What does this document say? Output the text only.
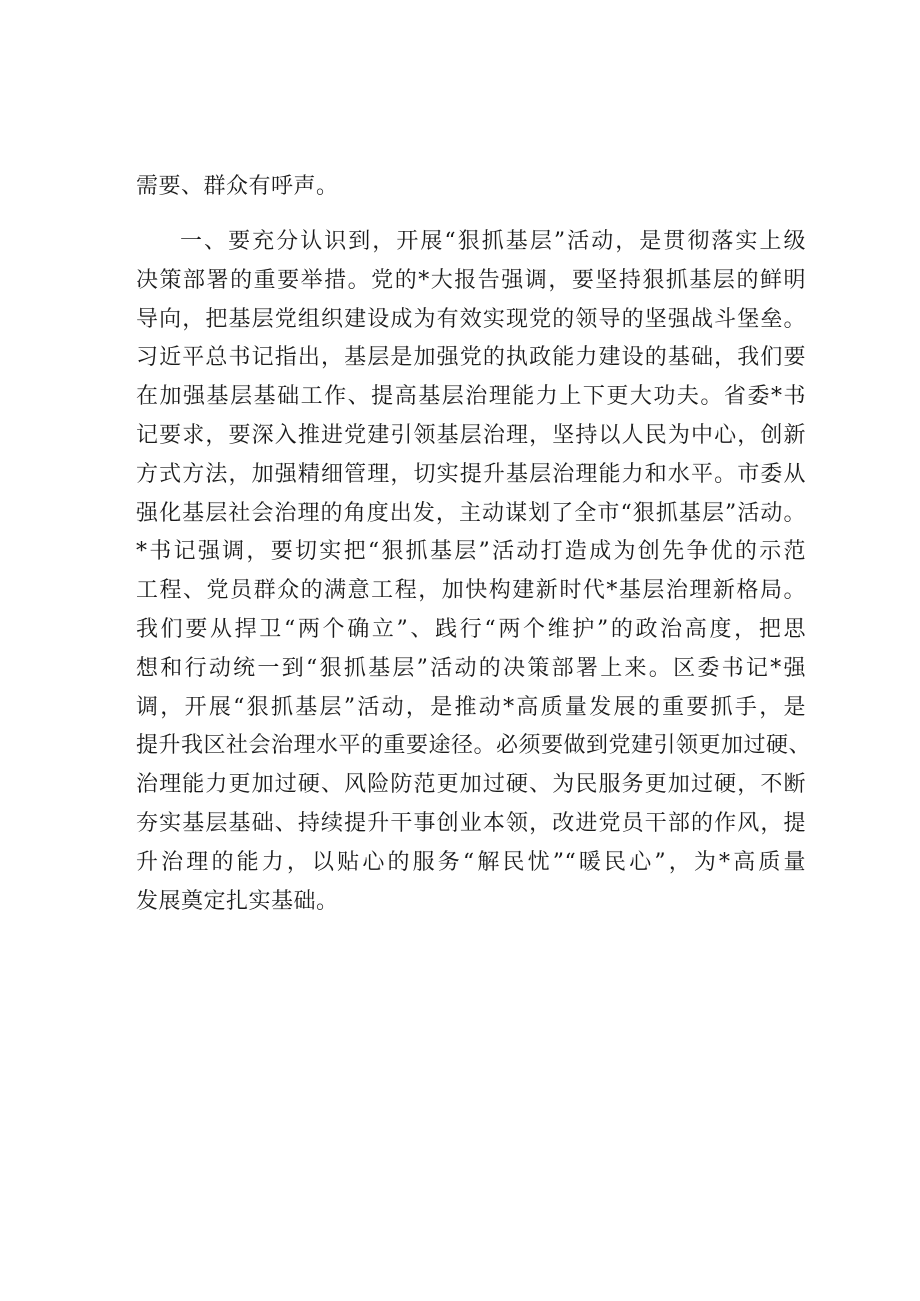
需要、群众有呼声。
一、要充分认识到，开展“狠抓基层”活动，是贯彻落实上级
决策部署的重要举措。党的*大报告强调，要坚持狠抓基层的鲜明
导向，把基层党组织建设成为有效实现党的领导的坚强战斗堡垒。
习近平总书记指出，基层是加强党的执政能力建设的基础，我们要
在加强基层基础工作、提高基层治理能力上下更大功夫。省委*书
记要求，要深入推进党建引领基层治理，坚持以人民为中心，创新
方式方法，加强精细管理，切实提升基层治理能力和水平。市委从
强化基层社会治理的角度出发，主动谋划了全市“狠抓基层”活动。
*书记强调，要切实把“狠抓基层”活动打造成为创先争优的示范
工程、党员群众的满意工程，加快构建新时代*基层治理新格局。
我们要从捍卫“两个确立”、践行“两个维护”的政治高度，把思
想和行动统一到“狠抓基层”活动的决策部署上来。区委书记*强
调，开展“狠抓基层”活动，是推动*高质量发展的重要抓手，是
提升我区社会治理水平的重要途径。必须要做到党建引领更加过硬、
治理能力更加过硬、风险防范更加过硬、为民服务更加过硬，不断
夯实基层基础、持续提升干事创业本领，改进党员干部的作风，提
升治理的能力，以贴心的服务“解民忧”“暖民心”，为*高质量
发展奠定扎实基础。
